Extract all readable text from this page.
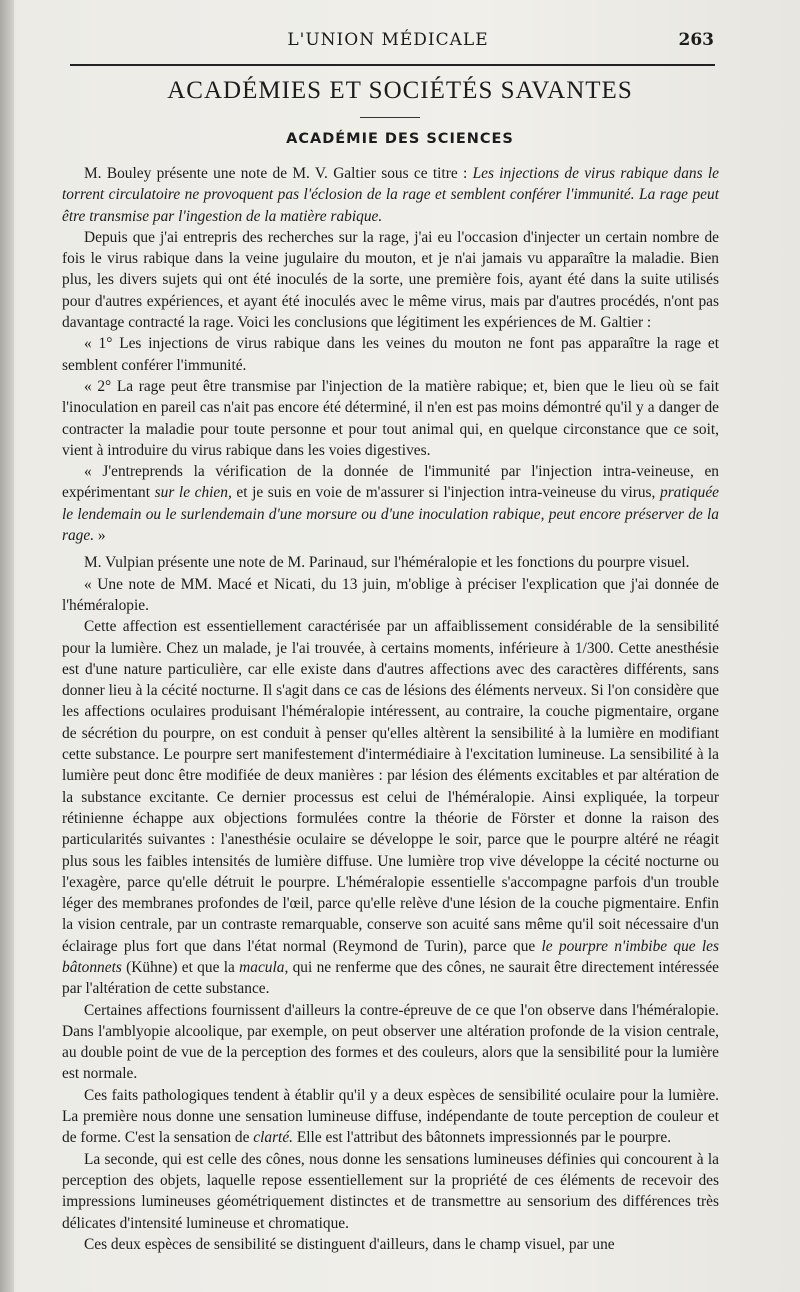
L'UNION MÉDICALE	263
ACADÉMIES ET SOCIÉTÉS SAVANTES
ACADÉMIE DES SCIENCES

M. Bouley présente une note de M. V. Galtier sous ce titre : Les injections de virus rabique dans le torrent circulatoire ne provoquent pas l'éclosion de la rage et semblent conférer l'immunité. La rage peut être transmise par l'ingestion de la matière rabique.

Depuis que j'ai entrepris des recherches sur la rage, j'ai eu l'occasion d'injecter un certain nombre de fois le virus rabique dans la veine jugulaire du mouton, et je n'ai jamais vu apparaître la maladie. Bien plus, les divers sujets qui ont été inoculés de la sorte, une première fois, ayant été dans la suite utilisés pour d'autres expériences, et ayant été inoculés avec le même virus, mais par d'autres procédés, n'ont pas davantage contracté la rage. Voici les conclusions que légitiment les expériences de M. Galtier :

« 1° Les injections de virus rabique dans les veines du mouton ne font pas apparaître la rage et semblent conférer l'immunité.

« 2° La rage peut être transmise par l'injection de la matière rabique; et, bien que le lieu où se fait l'inoculation en pareil cas n'ait pas encore été déterminé, il n'en est pas moins démontré qu'il y a danger de contracter la maladie pour toute personne et pour tout animal qui, en quelque circonstance que ce soit, vient à introduire du virus rabique dans les voies digestives.

« J'entreprends la vérification de la donnée de l'immunité par l'injection intra-veineuse, en expérimentant sur le chien, et je suis en voie de m'assurer si l'injection intra-veineuse du virus, pratiquée le lendemain ou le surlendemain d'une morsure ou d'une inoculation rabique, peut encore préserver de la rage. »

M. Vulpian présente une note de M. Parinaud, sur l'héméralopie et les fonctions du pourpre visuel.

« Une note de MM. Macé et Nicati, du 13 juin, m'oblige à préciser l'explication que j'ai donnée de l'héméralopie.

Cette affection est essentiellement caractérisée par un affaiblissement considérable de la sensibilité pour la lumière. Chez un malade, je l'ai trouvée, à certains moments, inférieure à 1/300. Cette anesthésie est d'une nature particulière, car elle existe dans d'autres affections avec des caractères différents, sans donner lieu à la cécité nocturne. Il s'agit dans ce cas de lésions des éléments nerveux. Si l'on considère que les affections oculaires produisant l'héméralopie intéressent, au contraire, la couche pigmentaire, organe de sécrétion du pourpre, on est conduit à penser qu'elles altèrent la sensibilité à la lumière en modifiant cette substance. Le pourpre sert manifestement d'intermédiaire à l'excitation lumineuse. La sensibilité à la lumière peut donc être modifiée de deux manières : par lésion des éléments excitables et par altération de la substance excitante. Ce dernier processus est celui de l'héméralopie. Ainsi expliquée, la torpeur rétinienne échappe aux objections formulées contre la théorie de Förster et donne la raison des particularités suivantes : l'anesthésie oculaire se développe le soir, parce que le pourpre altéré ne réagit plus sous les faibles intensités de lumière diffuse. Une lumière trop vive développe la cécité nocturne ou l'exagère, parce qu'elle détruit le pourpre. L'héméralopie essentielle s'accompagne parfois d'un trouble léger des membranes profondes de l'œil, parce qu'elle relève d'une lésion de la couche pigmentaire. Enfin la vision centrale, par un contraste remarquable, conserve son acuité sans même qu'il soit nécessaire d'un éclairage plus fort que dans l'état normal (Reymond de Turin), parce que le pourpre n'imbibe que les bâtonnets (Kühne) et que la macula, qui ne renferme que des cônes, ne saurait être directement intéressée par l'altération de cette substance.

Certaines affections fournissent d'ailleurs la contre-épreuve de ce que l'on observe dans l'héméralopie. Dans l'amblyopie alcoolique, par exemple, on peut observer une altération profonde de la vision centrale, au double point de vue de la perception des formes et des couleurs, alors que la sensibilité pour la lumière est normale.

Ces faits pathologiques tendent à établir qu'il y a deux espèces de sensibilité oculaire pour la lumière. La première nous donne une sensation lumineuse diffuse, indépendante de toute perception de couleur et de forme. C'est la sensation de clarté. Elle est l'attribut des bâtonnets impressionnés par le pourpre.

La seconde, qui est celle des cônes, nous donne les sensations lumineuses définies qui concourent à la perception des objets, laquelle repose essentiellement sur la propriété de ces éléments de recevoir des impressions lumineuses géométriquement distinctes et de transmettre au sensorium des différences très délicates d'intensité lumineuse et chromatique.

Ces deux espèces de sensibilité se distinguent d'ailleurs, dans le champ visuel, par une
